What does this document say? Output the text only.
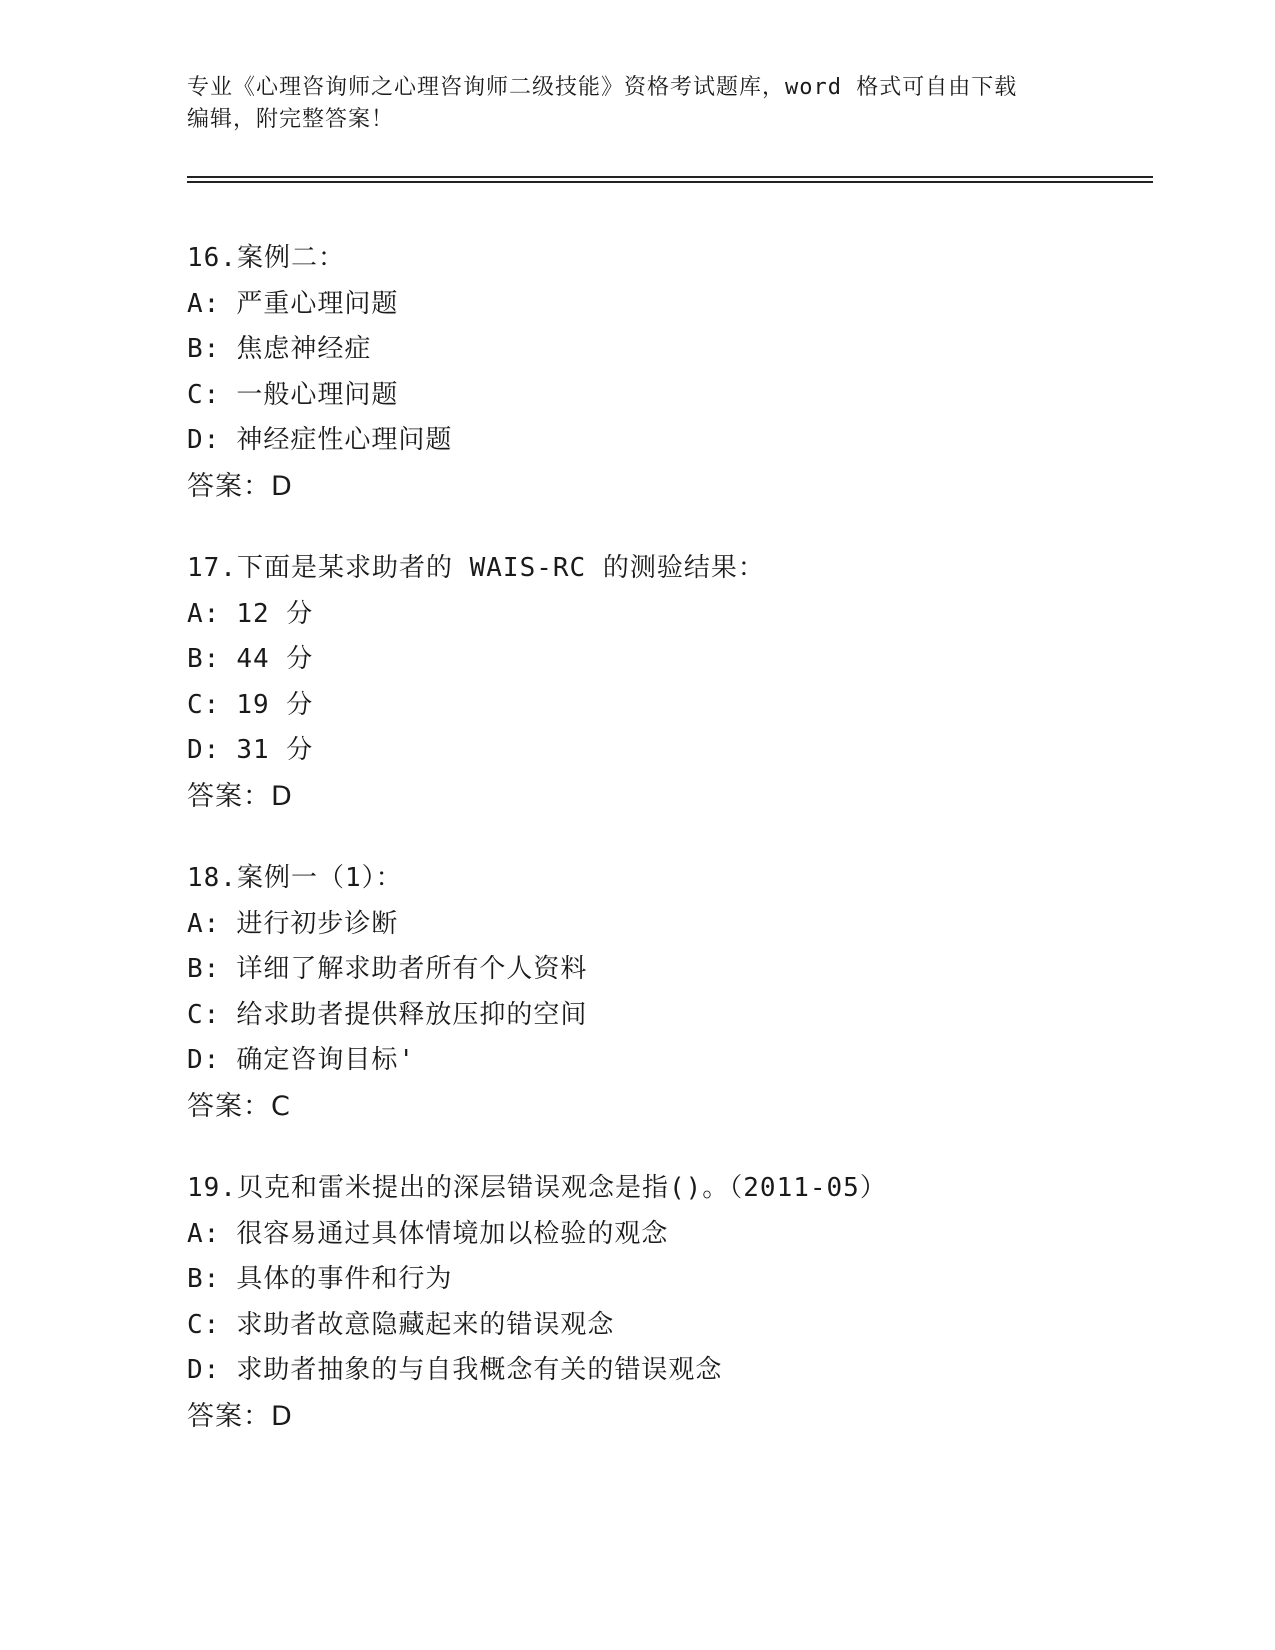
专业《心理咨询师之心理咨询师二级技能》资格考试题库，word 格式可自由下载
编辑，附完整答案！
16.案例二：
A: 严重心理问题
B: 焦虑神经症
C: 一般心理问题
D: 神经症性心理问题
答案：D
17.下面是某求助者的 WAIS-RC 的测验结果：
A: 12 分
B: 44 分
C: 19 分
D: 31 分
答案：D
18.案例一（1）：
A: 进行初步诊断
B: 详细了解求助者所有个人资料
C: 给求助者提供释放压抑的空间
D: 确定咨询目标'
答案：C
19.贝克和雷米提出的深层错误观念是指()。（2011-05）
A: 很容易通过具体情境加以检验的观念
B: 具体的事件和行为
C: 求助者故意隐藏起来的错误观念
D: 求助者抽象的与自我概念有关的错误观念
答案：D
